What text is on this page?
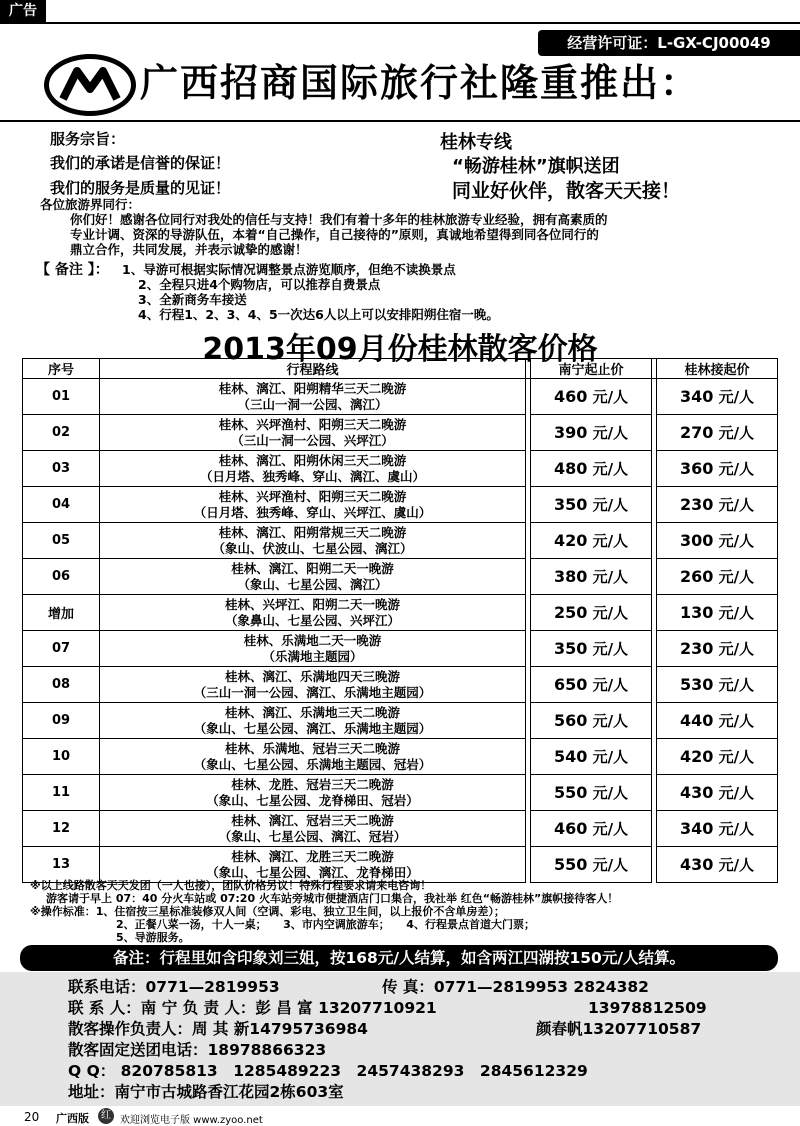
广告
经营许可证：L-GX-CJ00049
广西招商国际旅行社隆重推出：
服务宗旨：
我们的承诺是信誉的保证！
我们的服务是质量的见证！
桂林专线
“畅游桂林”旗帜送团
同业好伙伴，散客天天接！
各位旅游界同行：
你们好！感谢各位同行对我处的信任与支持！我们有着十多年的桂林旅游专业经验，拥有高素质的
专业计调、资深的导游队伍，本着“自己操作，自己接待的”原则，真诚地希望得到同各位同行的
鼎立合作，共同发展，并表示诚挚的感谢！
【 备注 】： 1、导游可根据实际情况调整景点游览顺序，但绝不读换景点
2、全程只进4个购物店，可以推荐自费景点
3、全新商务车接送
4、行程1、2、3、4、5一次达6人以上可以安排阳朔住宿一晚。
2013年09月份桂林散客价格
序号	行程路线		南宁起止价		桂林接起价
01	桂林、漓江、阳朔精华三天二晚游
（三山一洞一公园、漓江）		460 元/人		340 元/人
02	桂林、兴坪渔村、阳朔三天二晚游
（三山一洞一公园、兴坪江）		390 元/人		270 元/人
03	桂林、漓江、阳朔休闲三天二晚游
（日月塔、独秀峰、穿山、漓江、虞山）		480 元/人		360 元/人
04	桂林、兴坪渔村、阳朔三天二晚游
（日月塔、独秀峰、穿山、兴坪江、虞山）		350 元/人		230 元/人
05	桂林、漓江、阳朔常规三天二晚游
（象山、伏波山、七星公园、漓江）		420 元/人		300 元/人
06	桂林、漓江、阳朔二天一晚游
（象山、七星公园、漓江）		380 元/人		260 元/人
增加	桂林、兴坪江、阳朔二天一晚游
（象鼻山、七星公园、兴坪江）		250 元/人		130 元/人
07	桂林、乐满地二天一晚游
（乐满地主题园）		350 元/人		230 元/人
08	桂林、漓江、乐满地四天三晚游
（三山一洞一公园、漓江、乐满地主题园）		650 元/人		530 元/人
09	桂林、漓江、乐满地三天二晚游
（象山、七星公园、漓江、乐满地主题园）		560 元/人		440 元/人
10	桂林、乐满地、冠岩三天二晚游
（象山、七星公园、乐满地主题园、冠岩）		540 元/人		420 元/人
11	桂林、龙胜、冠岩三天二晚游
（象山、七星公园、龙脊梯田、冠岩）		550 元/人		430 元/人
12	桂林、漓江、冠岩三天二晚游
（象山、七星公园、漓江、冠岩）		460 元/人		340 元/人
13	桂林、漓江、龙胜三天二晚游
（象山、七星公园、漓江、龙脊梯田）		550 元/人		430 元/人
※以上线路散客天天发团（一人也接），团队价格另议！特殊行程要求请来电咨询！
游客请于早上 07：40 分火车站或 07:20 火车站旁城市便捷酒店门口集合，我社举 红色“畅游桂林”旗帜接待客人！
※操作标准：1、住宿按三星标准装修双人间（空调、彩电、独立卫生间，以上报价不含单房差）；
2、正餐八菜一汤，十人一桌；　　3、市内空调旅游车；　　4、行程景点首道大门票；
5、导游服务。
备注：行程里如含印象刘三姐，按168元/人结算，如含两江四湖按150元/人结算。
联系电话：0771—2819953	传 真：0771—2819953 2824382
联 系 人：南 宁 负 责 人：彭 昌 富 13207710921	13978812509
散客操作负责人：周 其 新14795736984	颜春帆13207710587
散客固定送团电话：18978866323
Q Q： 820785813　1285489223　2457438293　2845612329
地址：南宁市古城路香江花园2栋603室
20 广西版	红 欢迎浏览电子版 www.zyoo.net
